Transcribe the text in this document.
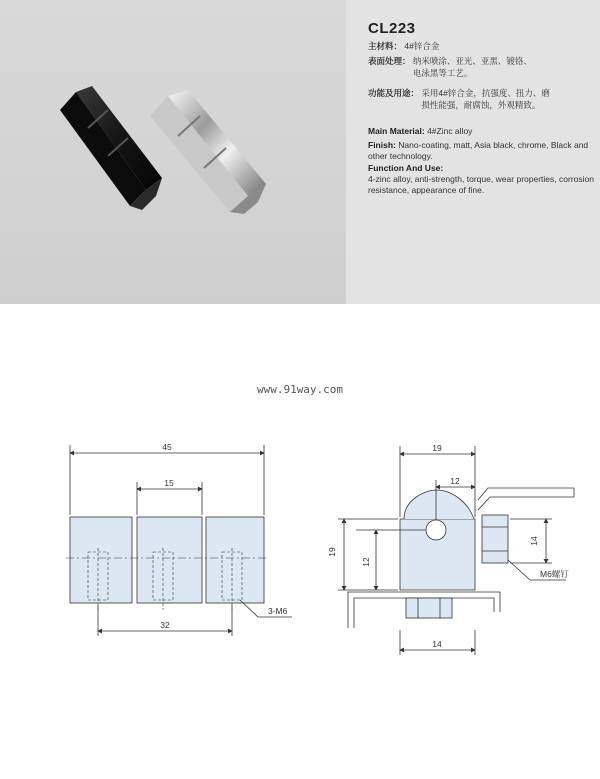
CL223
主材料： 4#锌合金
表面处理： 纳米喷涂、亚光、亚黑、镀铬、
电泳黑等工艺。
功能及用途： 采用4#锌合金，抗强度、扭力、磨
损性能强，耐腐蚀，外观精致。
Main Material: 4#Zinc alloy
Finish: Nano-coating, matt, Asia black, chrome, Black and other technology.
Function And Use:
4-zinc alloy, anti-strength, torque, wear properties, corrosion resistance, appearance of fine.
www.91way.com
45
15
32
3-M6
19
12
19
12
14
14
M6螺钉
